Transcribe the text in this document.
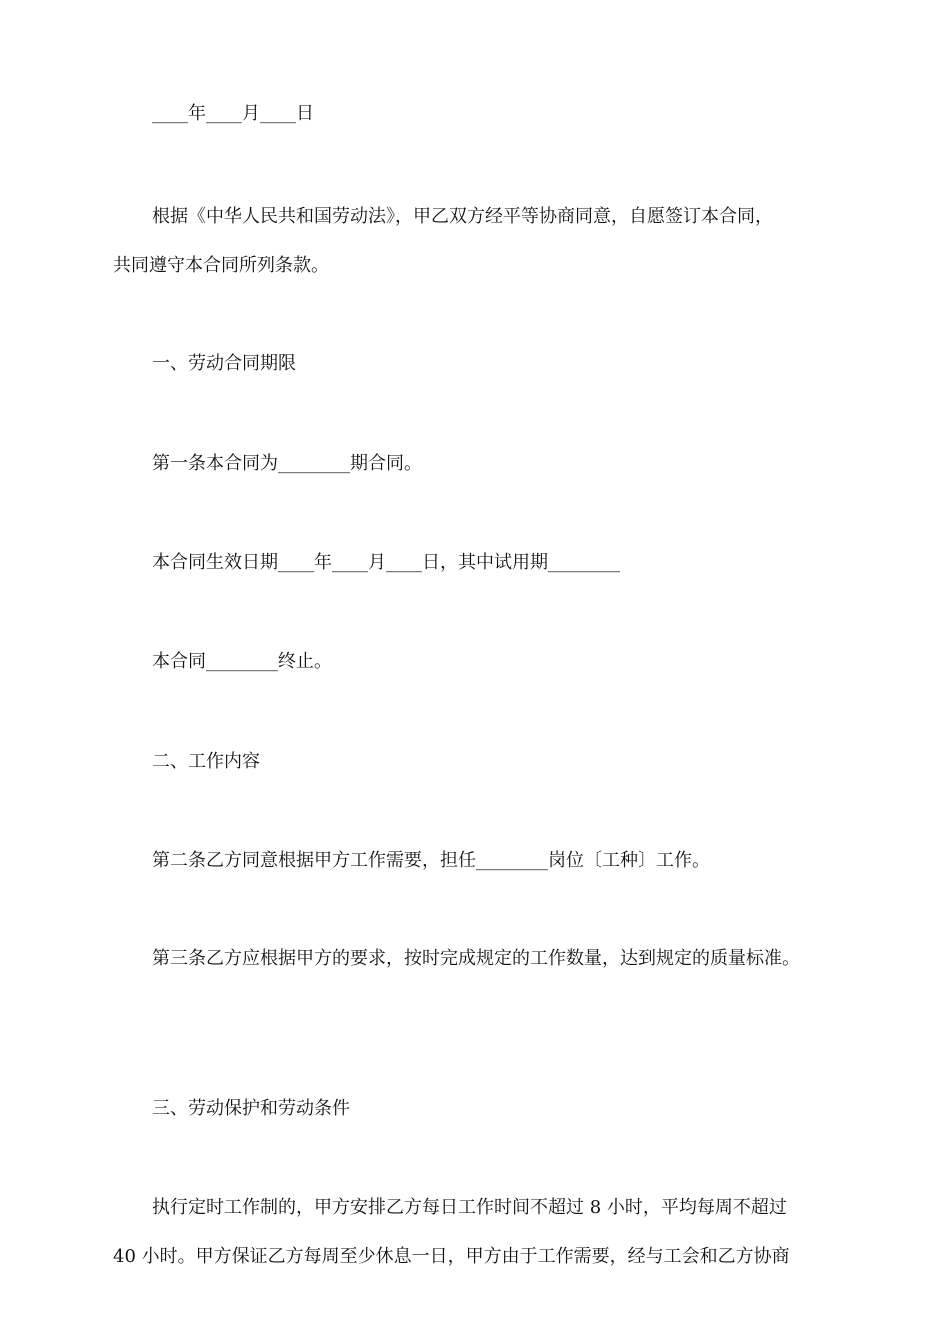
____年____月____日
根据《中华人民共和国劳动法》，甲乙双方经平等协商同意，自愿签订本合同，
共同遵守本合同所列条款。
一、劳动合同期限
第一条本合同为________期合同。
本合同生效日期____年____月____日，其中试用期________
本合同________终止。
二、工作内容
第二条乙方同意根据甲方工作需要，担任________岗位〔工种〕工作。
第三条乙方应根据甲方的要求，按时完成规定的工作数量，达到规定的质量标准。
三、劳动保护和劳动条件
执行定时工作制的，甲方安排乙方每日工作时间不超过 8 小时，平均每周不超过
40 小时。甲方保证乙方每周至少休息一日，甲方由于工作需要，经与工会和乙方协商
